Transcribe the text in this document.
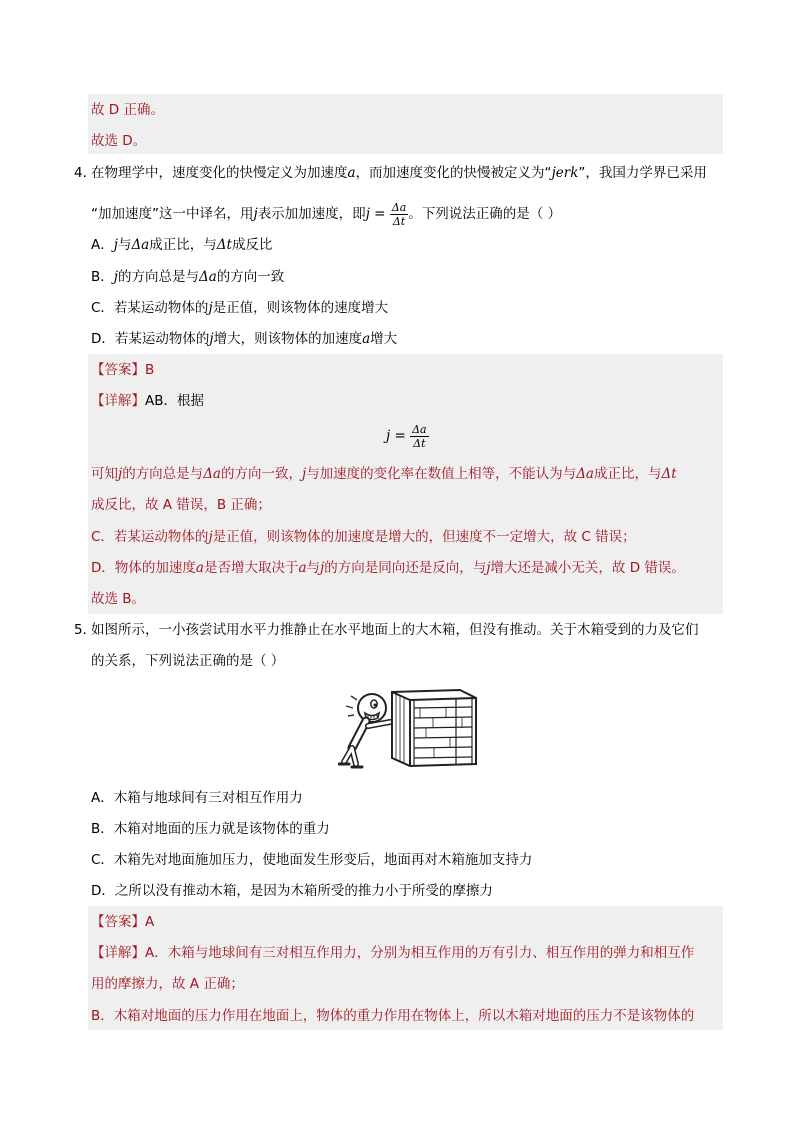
故 D 正确。
故选 D。
4．
在物理学中，速度变化的快慢定义为加速度a，而加速度变化的快慢被定义为“jerk”，我国力学界已采用
“加加速度”这一中译名，用j表示加加速度，即$j = \frac{\Delta a}{\Delta t}$ 。下列说法正确的是（ ）
A．j与Δa成正比，与Δt成反比
B．j的方向总是与Δa的方向一致
C．若某运动物体的j是正值，则该物体的速度增大
D．若某运动物体的j增大，则该物体的加速度a增大
【答案】B
【详解】AB．根据
$j = \frac{\Delta a}{\Delta t}$
可知j的方向总是与Δa的方向一致，j与加速度的变化率在数值上相等，不能认为与Δa成正比，与Δt
成反比，故 A 错误，B 正确；
C．若某运动物体的j是正值，则该物体的加速度是增大的，但速度不一定增大，故 C 错误；
D．物体的加速度a是否增大取决于a与j的方向是同向还是反向，与j增大还是减小无关，故 D 错误。
故选 B。
5．
如图所示，一小孩尝试用水平力推静止在水平地面上的大木箱，但没有推动。关于木箱受到的力及它们
的关系，下列说法正确的是（ ）
A．木箱与地球间有三对相互作用力
B．木箱对地面的压力就是该物体的重力
C．木箱先对地面施加压力，使地面发生形变后，地面再对木箱施加支持力
D．之所以没有推动木箱，是因为木箱所受的推力小于所受的摩擦力
【答案】A
【详解】A．木箱与地球间有三对相互作用力，分别为相互作用的万有引力、相互作用的弹力和相互作
用的摩擦力，故 A 正确；
B．木箱对地面的压力作用在地面上，物体的重力作用在物体上，所以木箱对地面的压力不是该物体的
